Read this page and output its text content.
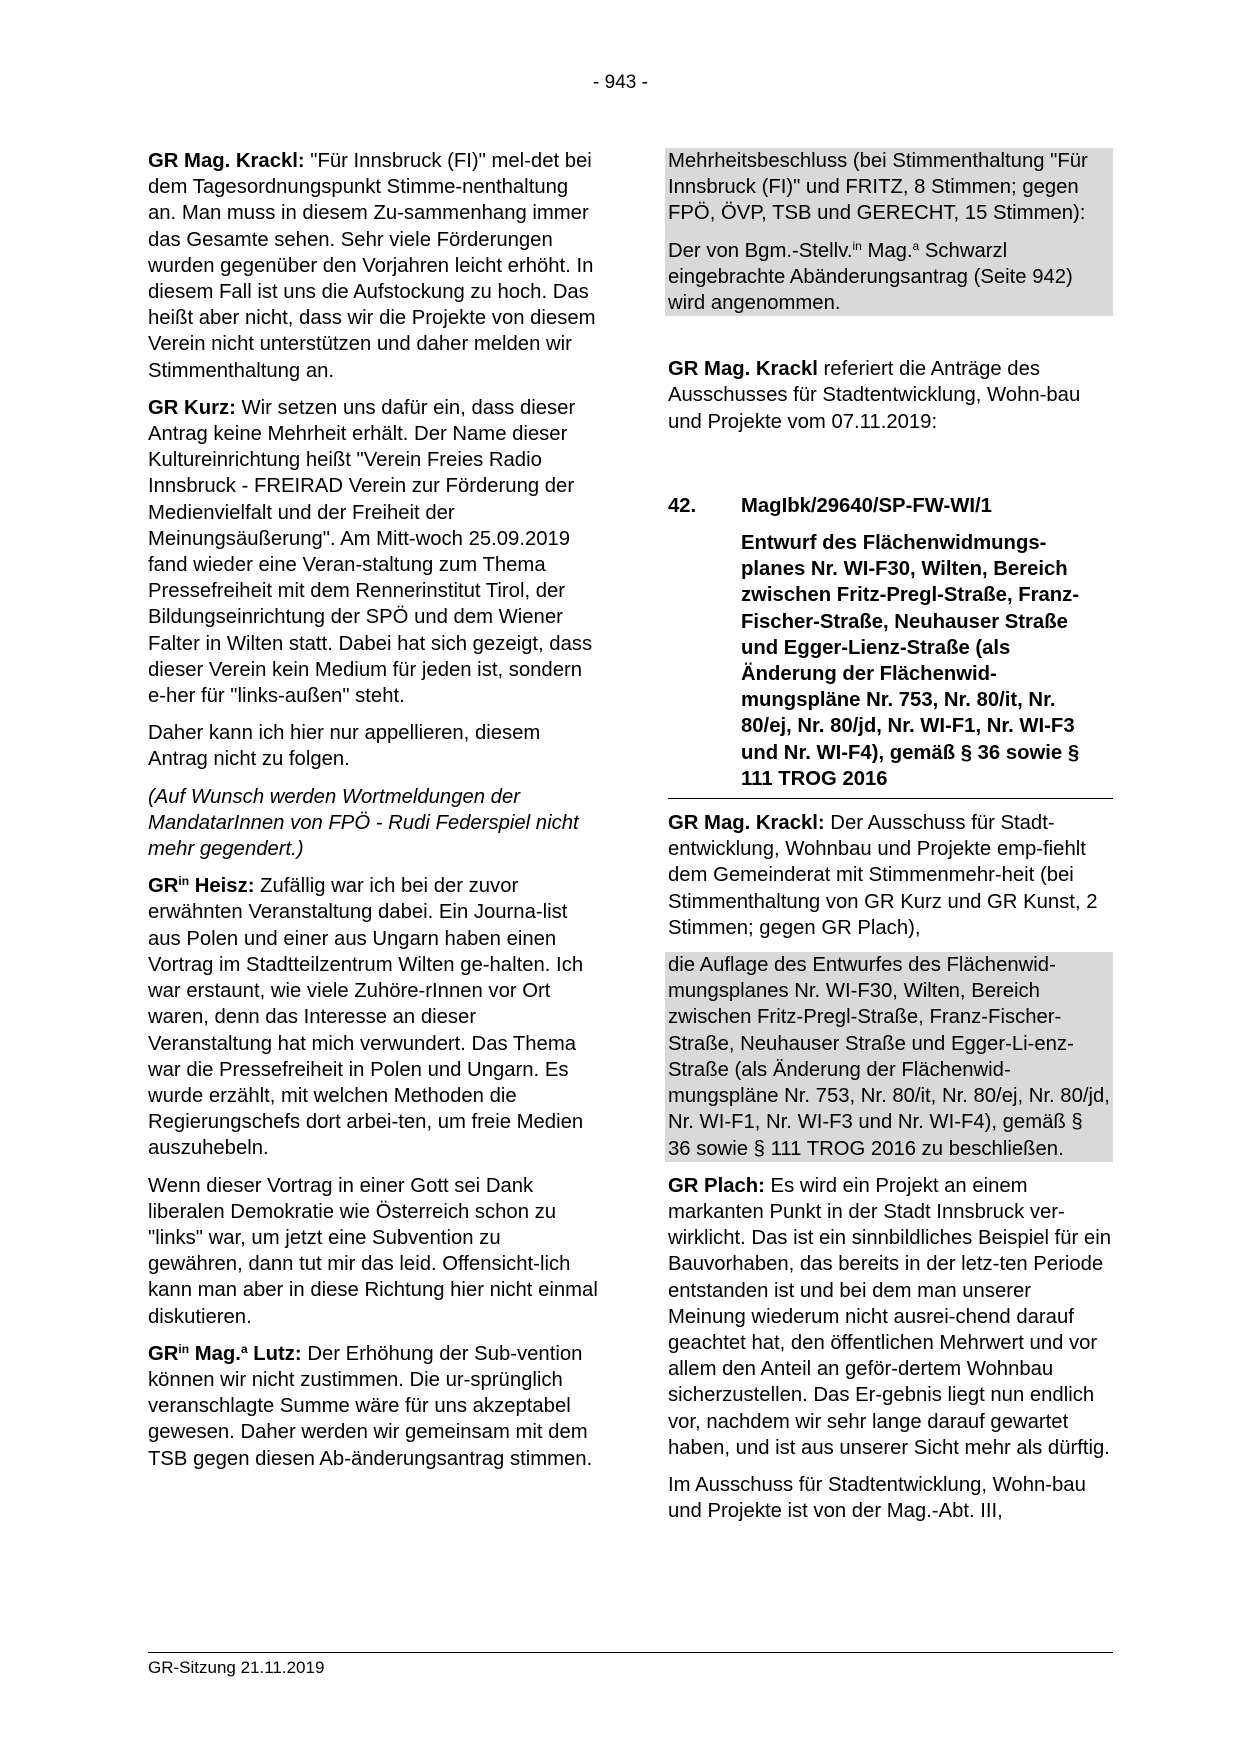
- 943 -

GR Mag. Krackl: "Für Innsbruck (FI)" mel-det bei dem Tagesordnungspunkt Stimme-nenthaltung an. Man muss in diesem Zu-sammenhang immer das Gesamte sehen. Sehr viele Förderungen wurden gegenüber den Vorjahren leicht erhöht. In diesem Fall ist uns die Aufstockung zu hoch. Das heißt aber nicht, dass wir die Projekte von diesem Verein nicht unterstützen und daher melden wir Stimmenthaltung an.

GR Kurz: Wir setzen uns dafür ein, dass dieser Antrag keine Mehrheit erhält. Der Name dieser Kultureinrichtung heißt "Verein Freies Radio Innsbruck - FREIRAD Verein zur Förderung der Medienvielfalt und der Freiheit der Meinungsäußerung". Am Mitt-woch 25.09.2019 fand wieder eine Veran-staltung zum Thema Pressefreiheit mit dem Rennerinstitut Tirol, der Bildungseinrichtung der SPÖ und dem Wiener Falter in Wilten statt. Dabei hat sich gezeigt, dass dieser Verein kein Medium für jeden ist, sondern e-her für "links-außen" steht.

Daher kann ich hier nur appellieren, diesem Antrag nicht zu folgen.

(Auf Wunsch werden Wortmeldungen der MandatarInnen von FPÖ - Rudi Federspiel nicht mehr gegendert.)

$GR^{in}$ Heisz: Zufällig war ich bei der zuvor erwähnten Veranstaltung dabei. Ein Journa-list aus Polen und einer aus Ungarn haben einen Vortrag im Stadtteilzentrum Wilten ge-halten. Ich war erstaunt, wie viele Zuhöre-rInnen vor Ort waren, denn das Interesse an dieser Veranstaltung hat mich verwundert. Das Thema war die Pressefreiheit in Polen und Ungarn. Es wurde erzählt, mit welchen Methoden die Regierungschefs dort arbei-ten, um freie Medien auszuhebeln.

Wenn dieser Vortrag in einer Gott sei Dank liberalen Demokratie wie Österreich schon zu "links" war, um jetzt eine Subvention zu gewähren, dann tut mir das leid. Offensicht-lich kann man aber in diese Richtung hier nicht einmal diskutieren.

$GR^{in}$ Mag.$^a$ Lutz: Der Erhöhung der Sub-vention können wir nicht zustimmen. Die ur-sprünglich veranschlagte Summe wäre für uns akzeptabel gewesen. Daher werden wir gemeinsam mit dem TSB gegen diesen Ab-änderungsantrag stimmen.

Mehrheitsbeschluss (bei Stimmenthaltung "Für Innsbruck (FI)" und FRITZ, 8 Stimmen; gegen FPÖ, ÖVP, TSB und GERECHT, 15 Stimmen):

Der von Bgm.-Stellv.$^{in}$ Mag.$^a$ Schwarzl eingebrachte Abänderungsantrag (Seite 942) wird angenommen.

GR Mag. Krackl referiert die Anträge des Ausschusses für Stadtentwicklung, Wohn-bau und Projekte vom 07.11.2019:

42.	MagIbk/29640/SP-FW-WI/1
Entwurf des Flächenwidmungs-planes Nr. WI-F30, Wilten, Bereich zwischen Fritz-Pregl-Straße, Franz-Fischer-Straße, Neuhauser Straße und Egger-Lienz-Straße (als Änderung der Flächenwid-mungspläne Nr. 753, Nr. 80/it, Nr. 80/ej, Nr. 80/jd, Nr. WI-F1, Nr. WI-F3 und Nr. WI-F4), gemäß § 36 sowie § 111 TROG 2016

GR Mag. Krackl: Der Ausschuss für Stadt-entwicklung, Wohnbau und Projekte emp-fiehlt dem Gemeinderat mit Stimmenmehr-heit (bei Stimmenthaltung von GR Kurz und GR Kunst, 2 Stimmen; gegen GR Plach),

die Auflage des Entwurfes des Flächenwid-mungsplanes Nr. WI-F30, Wilten, Bereich zwischen Fritz-Pregl-Straße, Franz-Fischer-Straße, Neuhauser Straße und Egger-Li-enz-Straße (als Änderung der Flächenwid-mungspläne Nr. 753, Nr. 80/it, Nr. 80/ej, Nr. 80/jd, Nr. WI-F1, Nr. WI-F3 und Nr. WI-F4), gemäß § 36 sowie § 111 TROG 2016 zu beschließen.

GR Plach: Es wird ein Projekt an einem markanten Punkt in der Stadt Innsbruck ver-wirklicht. Das ist ein sinnbildliches Beispiel für ein Bauvorhaben, das bereits in der letz-ten Periode entstanden ist und bei dem man unserer Meinung wiederum nicht ausrei-chend darauf geachtet hat, den öffentlichen Mehrwert und vor allem den Anteil an geför-dertem Wohnbau sicherzustellen. Das Er-gebnis liegt nun endlich vor, nachdem wir sehr lange darauf gewartet haben, und ist aus unserer Sicht mehr als dürftig.

Im Ausschuss für Stadtentwicklung, Wohn-bau und Projekte ist von der Mag.-Abt. III,

GR-Sitzung 21.11.2019
